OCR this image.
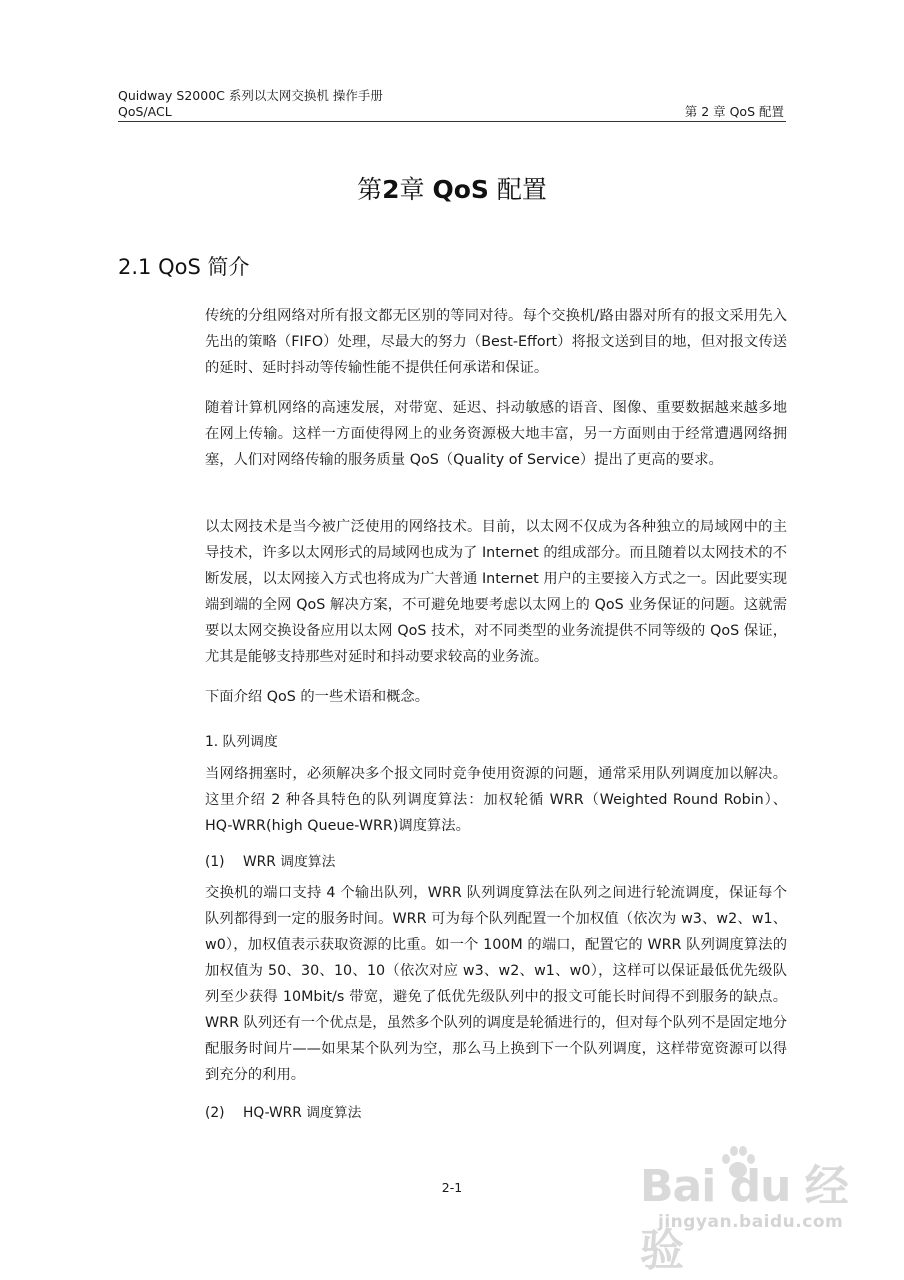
Quidway S2000C 系列以太网交换机 操作手册
QoS/ACL	第 2 章 QoS 配置
第2章 QoS 配置
2.1 QoS 简介

传统的分组网络对所有报文都无区别的等同对待。每个交换机/路由器对所有的报文采用先入先出的策略（FIFO）处理，尽最大的努力（Best-Effort）将报文送到目的地，但对报文传送的延时、延时抖动等传输性能不提供任何承诺和保证。

随着计算机网络的高速发展，对带宽、延迟、抖动敏感的语音、图像、重要数据越来越多地在网上传输。这样一方面使得网上的业务资源极大地丰富，另一方面则由于经常遭遇网络拥塞，人们对网络传输的服务质量 QoS（Quality of Service）提出了更高的要求。

以太网技术是当今被广泛使用的网络技术。目前，以太网不仅成为各种独立的局域网中的主导技术，许多以太网形式的局域网也成为了 Internet 的组成部分。而且随着以太网技术的不断发展，以太网接入方式也将成为广大普通 Internet 用户的主要接入方式之一。因此要实现端到端的全网 QoS 解决方案，不可避免地要考虑以太网上的 QoS 业务保证的问题。这就需要以太网交换设备应用以太网 QoS 技术，对不同类型的业务流提供不同等级的 QoS 保证，尤其是能够支持那些对延时和抖动要求较高的业务流。

下面介绍 QoS 的一些术语和概念。

1. 队列调度

当网络拥塞时，必须解决多个报文同时竞争使用资源的问题，通常采用队列调度加以解决。这里介绍 2 种各具特色的队列调度算法：加权轮循 WRR（Weighted Round Robin）、HQ-WRR(high Queue-WRR)调度算法。

(1) WRR 调度算法

交换机的端口支持 4 个输出队列，WRR 队列调度算法在队列之间进行轮流调度，保证每个队列都得到一定的服务时间。WRR 可为每个队列配置一个加权值（依次为 w3、w2、w1、w0），加权值表示获取资源的比重。如一个 100M 的端口，配置它的 WRR 队列调度算法的加权值为 50、30、10、10（依次对应 w3、w2、w1、w0），这样可以保证最低优先级队列至少获得 10Mbit/s 带宽，避免了低优先级队列中的报文可能长时间得不到服务的缺点。WRR 队列还有一个优点是，虽然多个队列的调度是轮循进行的，但对每个队列不是固定地分配服务时间片——如果某个队列为空，那么马上换到下一个队列调度，这样带宽资源可以得到充分的利用。

(2) HQ-WRR 调度算法
2-1	Bai du 经验
jingyan.baidu.com
